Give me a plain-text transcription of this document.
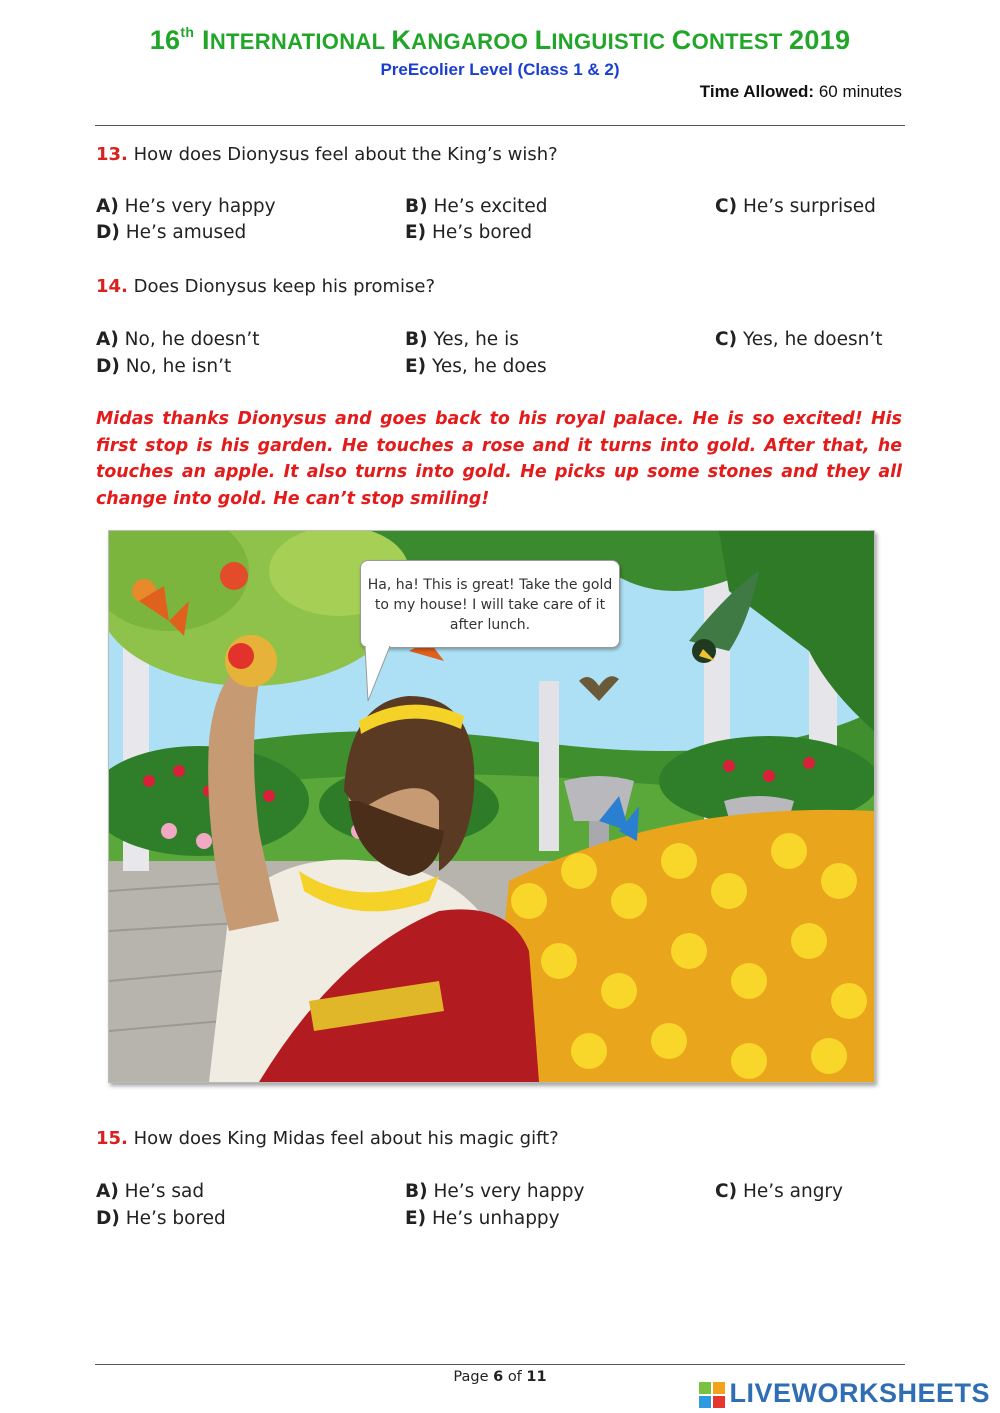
16th INTERNATIONAL KANGAROO LINGUISTIC CONTEST 2019
PreEcolier Level (Class 1 & 2)
Time Allowed: 60 minutes
13. How does Dionysus feel about the King’s wish?
A) He’s very happy	B) He’s excited	C) He’s surprised
D) He’s amused	E) He’s bored
14. Does Dionysus keep his promise?
A) No, he doesn’t	B) Yes, he is	C) Yes, he doesn’t
D) No, he isn’t	E) Yes, he does
Midas thanks Dionysus and goes back to his royal palace. He is so excited! His first stop is his garden. He touches a rose and it turns into gold. After that, he touches an apple. It also turns into gold. He picks up some stones and they all change into gold. He can’t stop smiling!
Ha, ha! This is great! Take the gold to my house! I will take care of it after lunch.
15. How does King Midas feel about his magic gift?
A) He’s sad	B) He’s very happy	C) He’s angry
D) He’s bored	E) He’s unhappy
Page 6 of 11
LIVEWORKSHEETS
